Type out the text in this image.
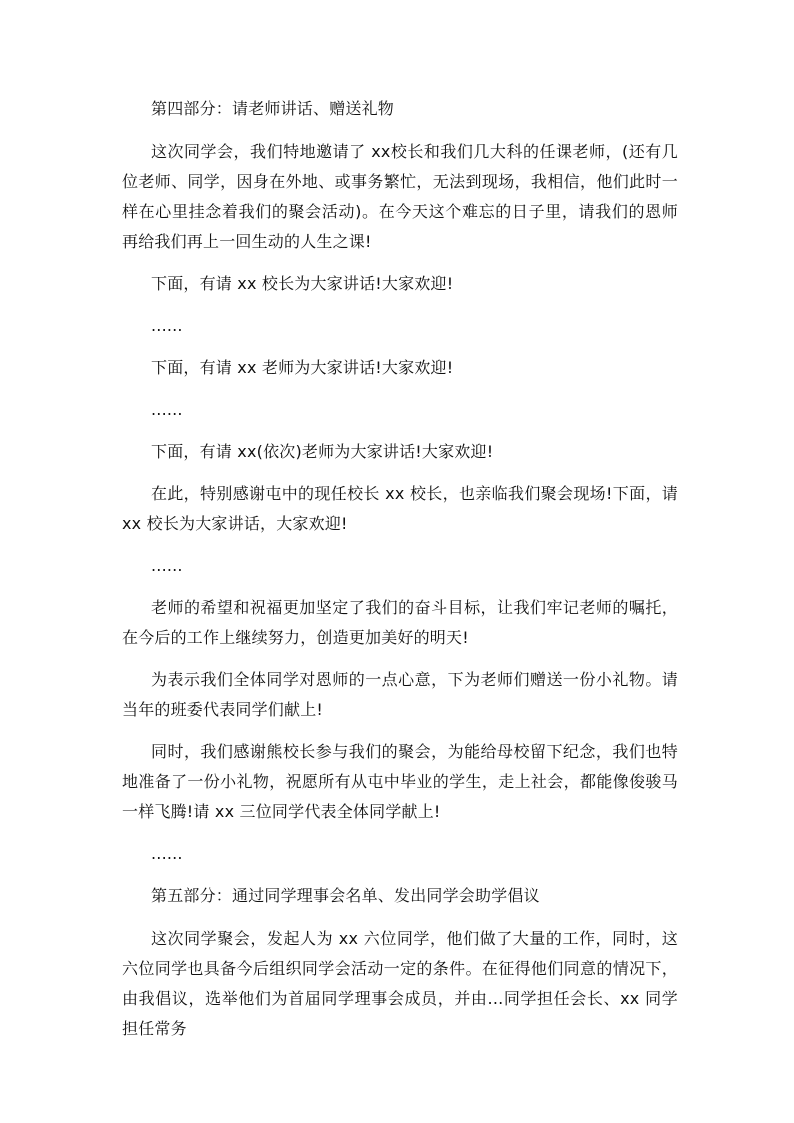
第四部分：请老师讲话、赠送礼物

这次同学会，我们特地邀请了 xx校长和我们几大科的任课老师，(还有几位老师、同学，因身在外地、或事务繁忙，无法到现场，我相信，他们此时一样在心里挂念着我们的聚会活动)。在今天这个难忘的日子里，请我们的恩师再给我们再上一回生动的人生之课!

下面，有请 xx 校长为大家讲话!大家欢迎!

......

下面，有请 xx 老师为大家讲话!大家欢迎!

......

下面，有请 xx(依次)老师为大家讲话!大家欢迎!

在此，特别感谢屯中的现任校长 xx 校长，也亲临我们聚会现场!下面，请 xx 校长为大家讲话，大家欢迎!

......

老师的希望和祝福更加坚定了我们的奋斗目标，让我们牢记老师的嘱托，在今后的工作上继续努力，创造更加美好的明天!

为表示我们全体同学对恩师的一点心意，下为老师们赠送一份小礼物。请当年的班委代表同学们献上!

同时，我们感谢熊校长参与我们的聚会，为能给母校留下纪念，我们也特地准备了一份小礼物，祝愿所有从屯中毕业的学生，走上社会，都能像俊骏马一样飞腾!请 xx 三位同学代表全体同学献上!

......

第五部分：通过同学理事会名单、发出同学会助学倡议

这次同学聚会，发起人为 xx 六位同学，他们做了大量的工作，同时，这六位同学也具备今后组织同学会活动一定的条件。在征得他们同意的情况下，由我倡议，选举他们为首届同学理事会成员，并由...同学担任会长、xx 同学担任常务
